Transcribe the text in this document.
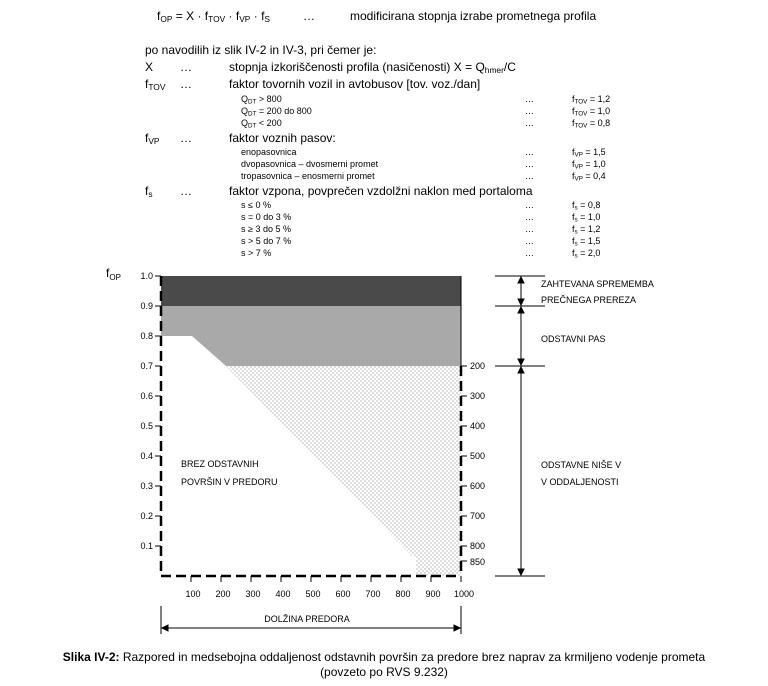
$f_{OP} = X \cdot f_{TOV} \cdot f_{VP} \cdot f_S$	…	modificirana stopnja izrabe prometnega profila
po navodilih iz slik IV-2 in IV-3, pri čemer je:
X …	stopnja izkoriščenosti profila (nasičenosti) $X = Q_{hmer}/C$
$f_{TOV}$ …	faktor tovornih vozil in avtobusov [tov. voz./dan]
$Q_{DT} > 800$	…	$f_{TOV} = 1,2$
$Q_{DT} = 200$ do 800	…	$f_{TOV} = 1,0$
$Q_{DT} < 200$	…	$f_{TOV} = 0,8$
$f_{VP}$ …	faktor voznih pasov:
enopasovnica	…	$f_{VP} = 1,5$
dvopasovnica – dvosmerni promet	…	$f_{VP} = 1,0$
tropasovnica – enosmerni promet	…	$f_{VP} = 0,4$
$f_s$ …	faktor vzpona, povprečen vzdolžni naklon med portaloma
s ≤ 0 %	…	$f_s = 0,8$
s = 0 do 3 %	…	$f_s = 1,0$
s ≥ 3 do 5 %	…	$f_s = 1,2$
s > 5 do 7 %	…	$f_s = 1,5$
s > 7 %	…	$f_s = 2,0$
$f_{OP}$ 1.0
0.9
0.8
0.7
0.6
0.5
0.4
0.3
0.2
0.1
100 200 300 400 500 600 700 800 900 1000
200
300
400
500
600
700
800
850
ZAHTEVANA SPREMEMBA
PREČNEGA PREREZA
ODSTAVNI PAS
ODSTAVNE NIŠE V
V ODDALJENOSTI
BREZ ODSTAVNIH
POVRŠIN V PREDORU
DOLŽINA PREDORA
Slika IV-2: Razpored in medsebojna oddaljenost odstavnih površin za predore brez naprav za krmiljeno vodenje prometa
(povzeto po RVS 9.232)
